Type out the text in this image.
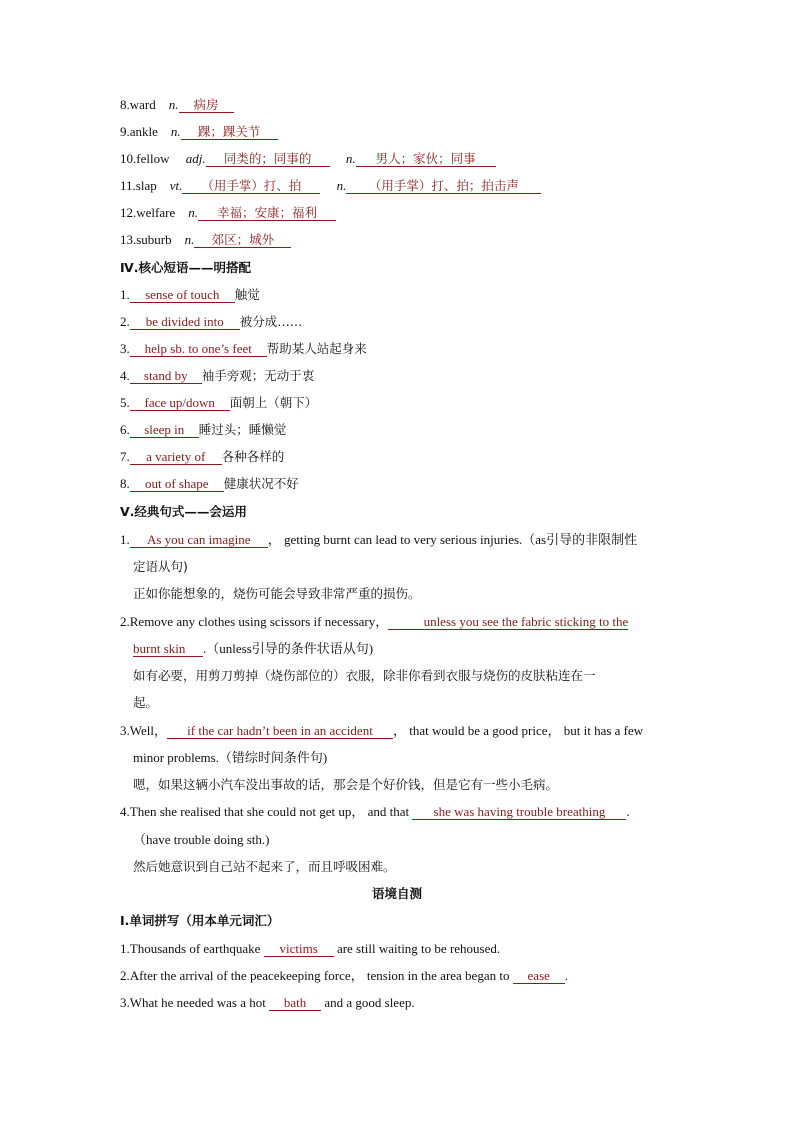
8.ward n. 病房
9.ankle n. 踝；踝关节
10.fellow adj. 同类的；同事的	n. 男人；家伙；同事
11.slap vt. （用手掌）打、拍	n. （用手掌）打、拍；拍击声
12.welfare n. 幸福；安康；福利
13.suburb n. 郊区；城外
Ⅳ.核心短语——明搭配
1. sense of touch 触觉
2. be divided into 被分成……
3. help sb. to one’s feet 帮助某人站起身来
4. stand by 袖手旁观；无动于衷
5. face up/down 面朝上（朝下）
6. sleep in 睡过头；睡懒觉
7. a variety of 各种各样的
8. out of shape 健康状况不好
Ⅴ.经典句式——会运用
1. As you can imagine ， getting burnt can lead to very serious injuries.（as引导的非限制性
定语从句)
正如你能想象的，烧伤可能会导致非常严重的损伤。
2.Remove any clothes using scissors if necessary，	unless you see the fabric sticking to the
burnt skin .（unless引导的条件状语从句)
如有必要，用剪刀剪掉（烧伤部位的）衣服，除非你看到衣服与烧伤的皮肤粘连在一
起。
3.Well， if the car hadn’t been in an accident ， that would be a good price， but it has a few
minor problems.（错综时间条件句)
嗯，如果这辆小汽车没出事故的话，那会是个好价钱，但是它有一些小毛病。
4.Then she realised that she could not get up， and that she was having trouble breathing .
（have trouble doing sth.)
然后她意识到自己站不起来了，而且呼吸困难。
语境自测
Ⅰ.单词拼写（用本单元词汇）
1.Thousands of earthquake victims are still waiting to be rehoused.
2.After the arrival of the peacekeeping force， tension in the area began to ease .
3.What he needed was a hot bath and a good sleep.
